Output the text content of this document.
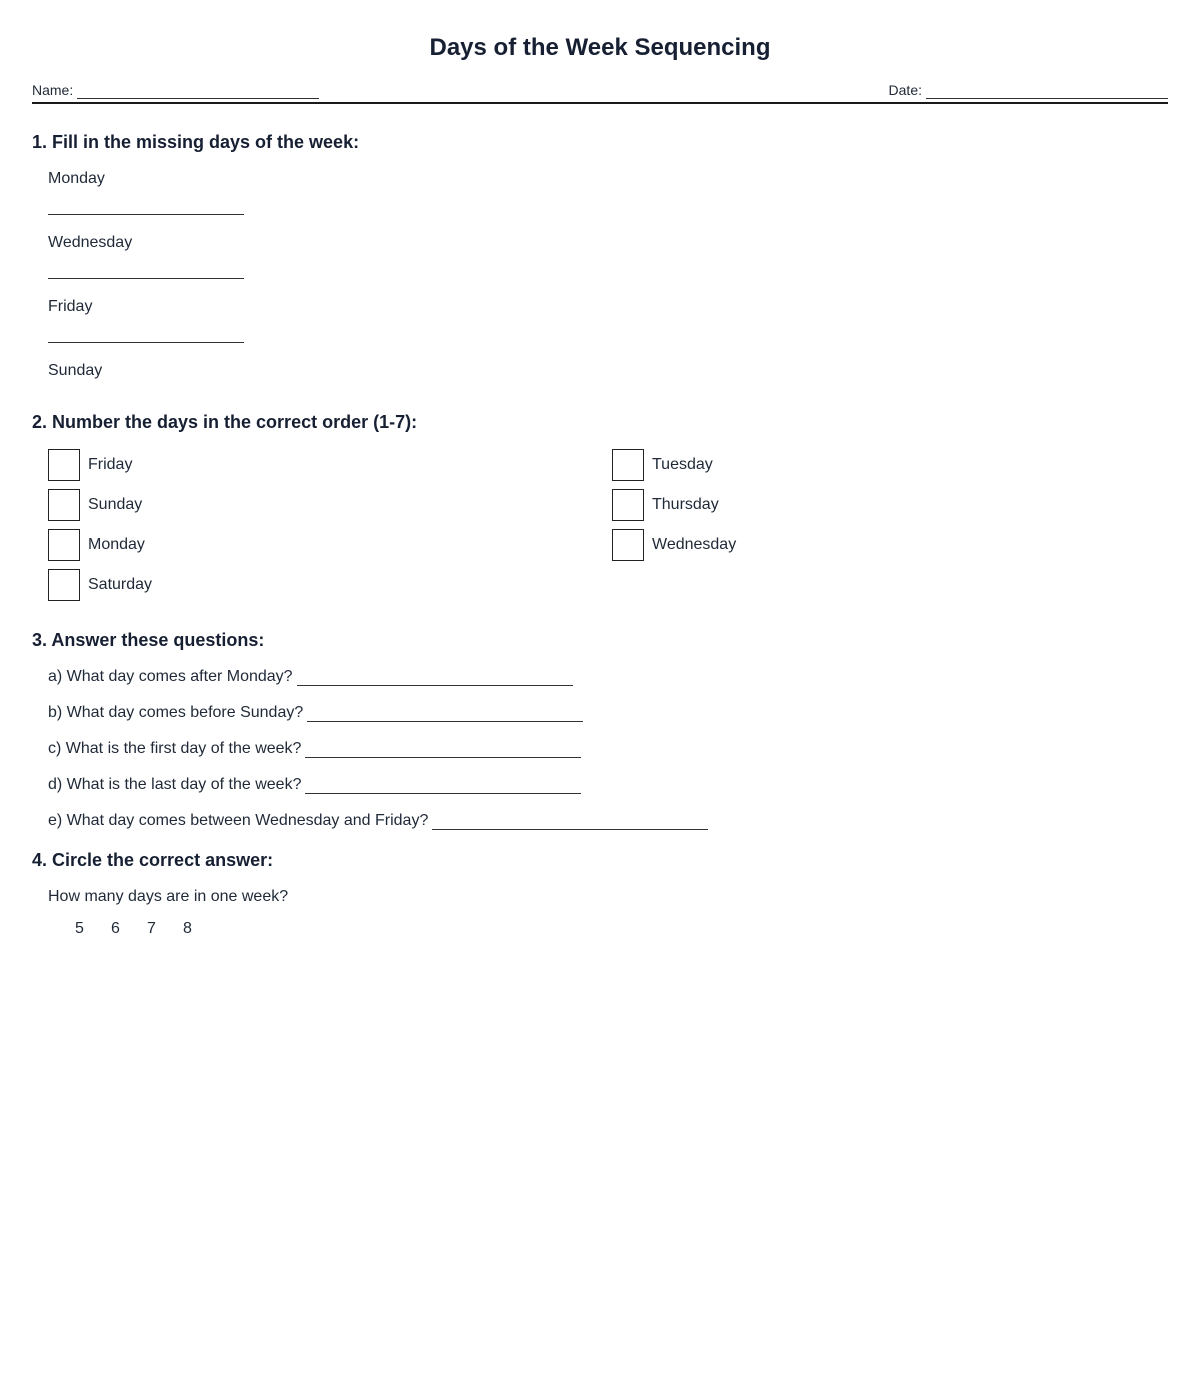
Days of the Week Sequencing
Name:	Date:
1. Fill in the missing days of the week:
Monday
Wednesday
Friday
Sunday
2. Number the days in the correct order (1-7):
Friday	Tuesday
Sunday	Thursday
Monday	Wednesday
Saturday
3. Answer these questions:
a) What day comes after Monday?
b) What day comes before Sunday?
c) What is the first day of the week?
d) What is the last day of the week?
e) What day comes between Wednesday and Friday?
4. Circle the correct answer:
How many days are in one week?
5	6	7	8
